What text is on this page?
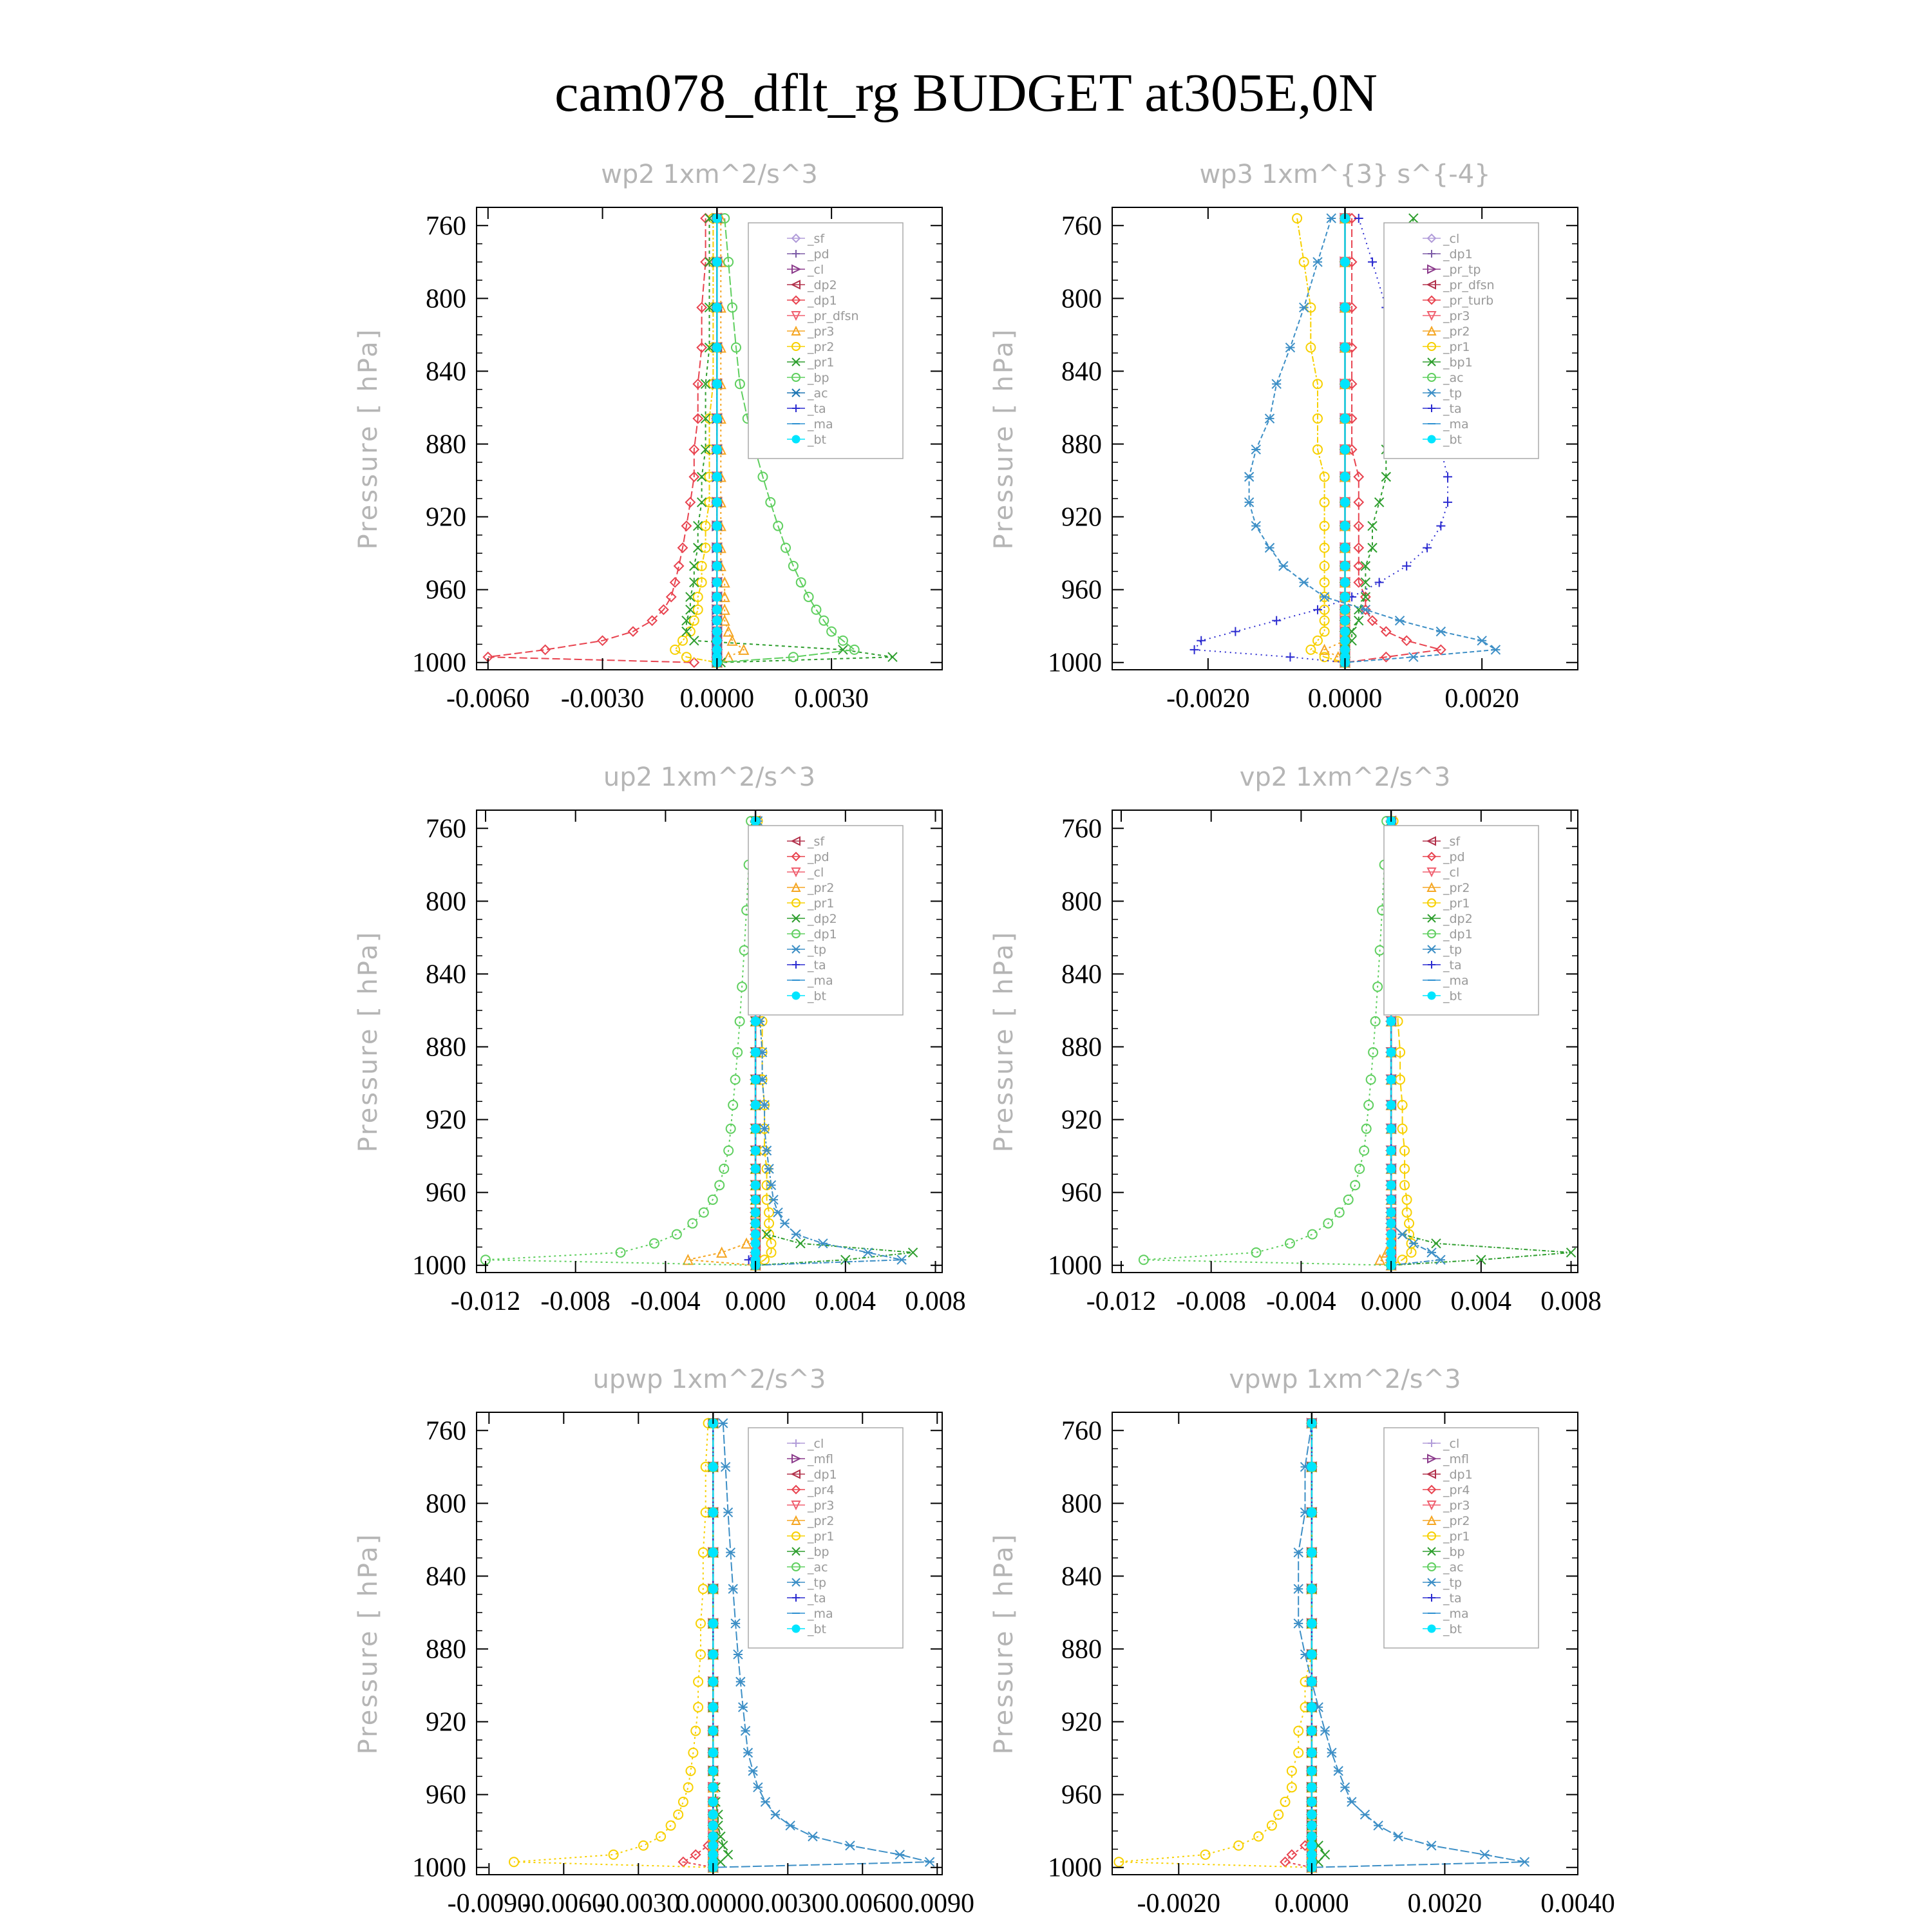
cam078_dflt_rg BUDGET at305E,0N
wp2 1xm^2/s^3
Pressure [ hPa]
760
800
840
880
920
960
1000
-0.0060 -0.0030 0.0000 0.0030
_sf
_pd
_cl
_dp2
_dp1
_pr_dfsn
_pr3
_pr2
_pr1
_bp
_ac
_ta
_ma
_bt
wp3 1xm^{3} s^{-4}
Pressure [ hPa]
760
800
840
880
920
960
1000
-0.0020 0.0000 0.0020
_cl
_dp1
_pr_tp
_pr_dfsn
_pr_turb
_pr3
_pr2
_pr1
_bp1
_ac
_tp
_ta
_ma
_bt
up2 1xm^2/s^3
Pressure [ hPa]
760
800
840
880
920
960
1000
-0.012 -0.008 -0.004 0.000 0.004 0.008
_sf
_pd
_cl
_pr2
_pr1
_dp2
_dp1
_tp
_ta
_ma
_bt
vp2 1xm^2/s^3
Pressure [ hPa]
760
800
840
880
920
960
1000
-0.012 -0.008 -0.004 0.000 0.004 0.008
_sf
_pd
_cl
_pr2
_pr1
_dp2
_dp1
_tp
_ta
_ma
_bt
upwp 1xm^2/s^3
Pressure [ hPa]
760
800
840
880
920
960
1000
-0.0090
-0.0060
-0.0030
0.0000 0.0030 0.0060 0.0090
_cl
_mfl
_dp1
_pr4
_pr3
_pr2
_pr1
_bp
_ac
_tp
_ta
_ma
_bt
vpwp 1xm^2/s^3
Pressure [ hPa]
760
800
840
880
920
960
1000
-0.0020 0.0000 0.0020 0.0040
_cl
_mfl
_dp1
_pr4
_pr3
_pr2
_pr1
_bp
_ac
_tp
_ta
_ma
_bt
